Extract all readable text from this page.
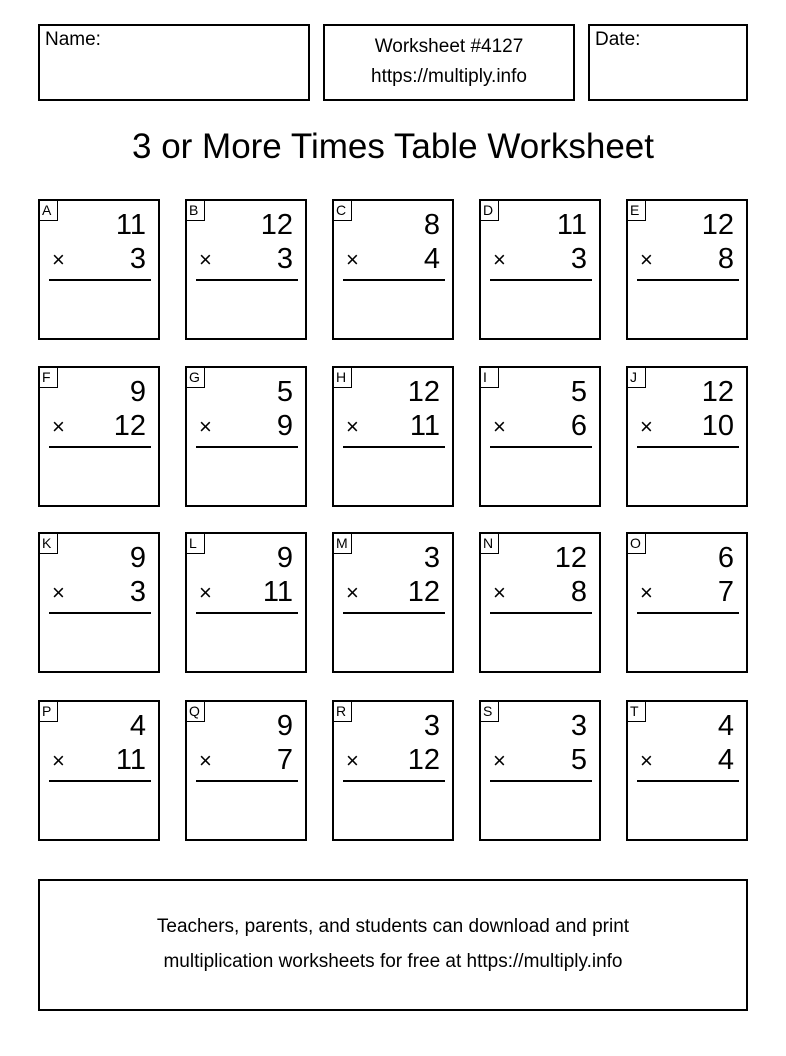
Name:	Worksheet #4127
https://multiply.info
Date:
3 or More Times Table Worksheet
A 11
× 3
B 12
× 3
C	8
× 4
D 11
× 3
E 12
× 8
F	9
× 12
G	5
× 9
H 12
× 11
I	5
× 6
J	12
× 10
K	9
× 3
L	9
× 11
M	3
× 12
N 12
× 8
O	6
× 7
P	4
× 11
Q	9
× 7
R	3
× 12
S	3
× 5
T	4
× 4
Teachers, parents, and students can download and print
multiplication worksheets for free at https://multiply.info
